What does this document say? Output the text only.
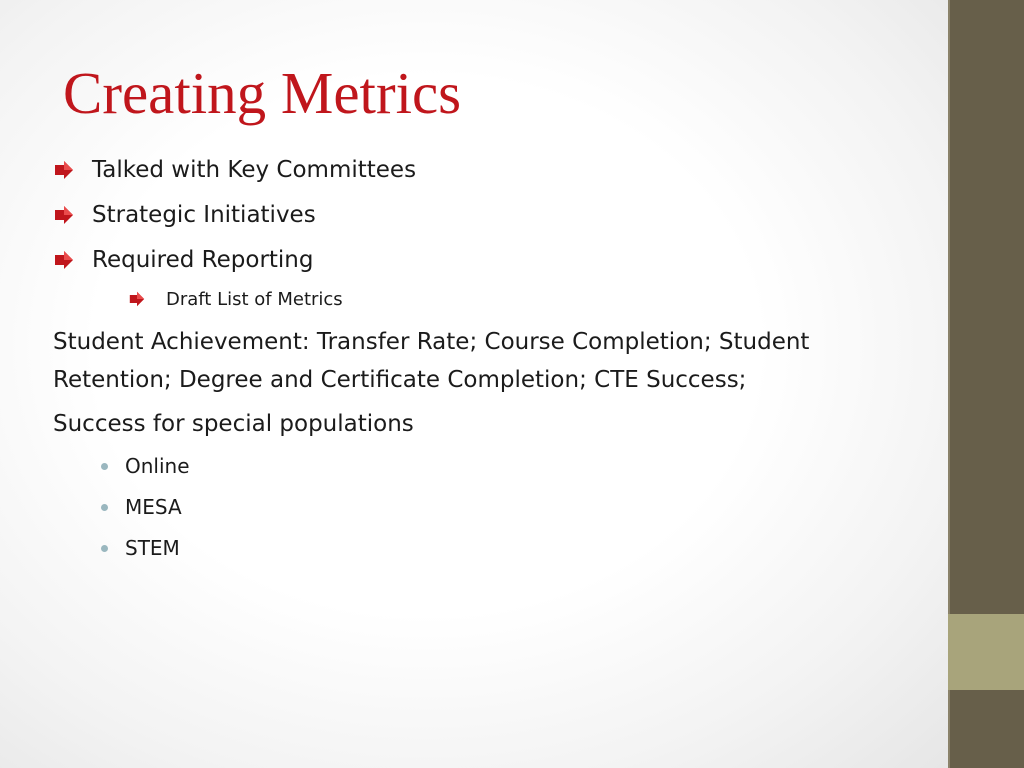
Creating Metrics
Talked with Key Committees
Strategic Initiatives
Required Reporting
Draft List of Metrics
Student Achievement: Transfer Rate; Course Completion; Student
Retention; Degree and Certificate Completion; CTE Success;
Success for special populations
Online
MESA
STEM
